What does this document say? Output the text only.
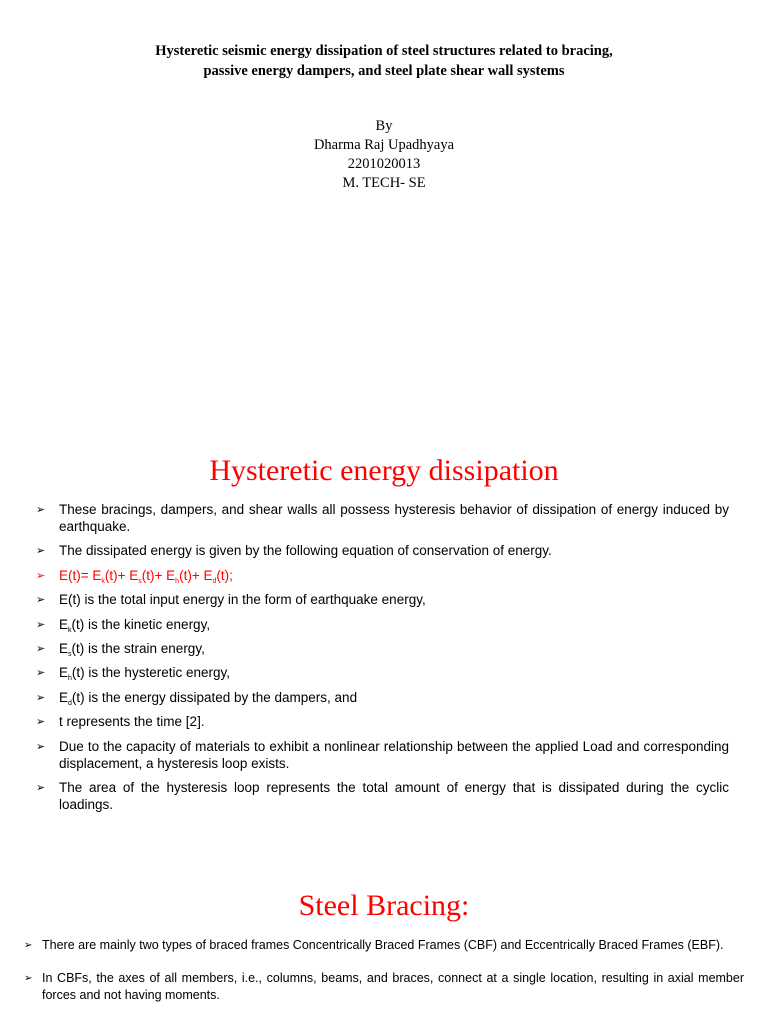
Hysteretic seismic energy dissipation of steel structures related to bracing,
passive energy dampers, and steel plate shear wall systems
By
Dharma Raj Upadhyaya
2201020013
M. TECH- SE
Hysteretic energy dissipation
➢ These bracings, dampers, and shear walls all possess hysteresis behavior of dissipation of energy induced by earthquake.
➢ The dissipated energy is given by the following equation of conservation of energy.
➢ $E(t)= E_k(t)+ E_s(t)+ E_h(t)+ E_d(t)$;
➢ E(t) is the total input energy in the form of earthquake energy,
➢ $E_k(t)$ is the kinetic energy,
➢ $E_s(t)$ is the strain energy,
➢ $E_h(t)$ is the hysteretic energy,
➢ $E_d(t)$ is the energy dissipated by the dampers, and
➢ t represents the time [2].
➢ Due to the capacity of materials to exhibit a nonlinear relationship between the applied Load and corresponding displacement, a hysteresis loop exists.
➢ The area of the hysteresis loop represents the total amount of energy that is dissipated during the cyclic loadings.
Steel Bracing:
➢ There are mainly two types of braced frames Concentrically Braced Frames (CBF) and Eccentrically Braced Frames (EBF).
➢ In CBFs, the axes of all members, i.e., columns, beams, and braces, connect at a single location, resulting in axial member forces and not having moments.
